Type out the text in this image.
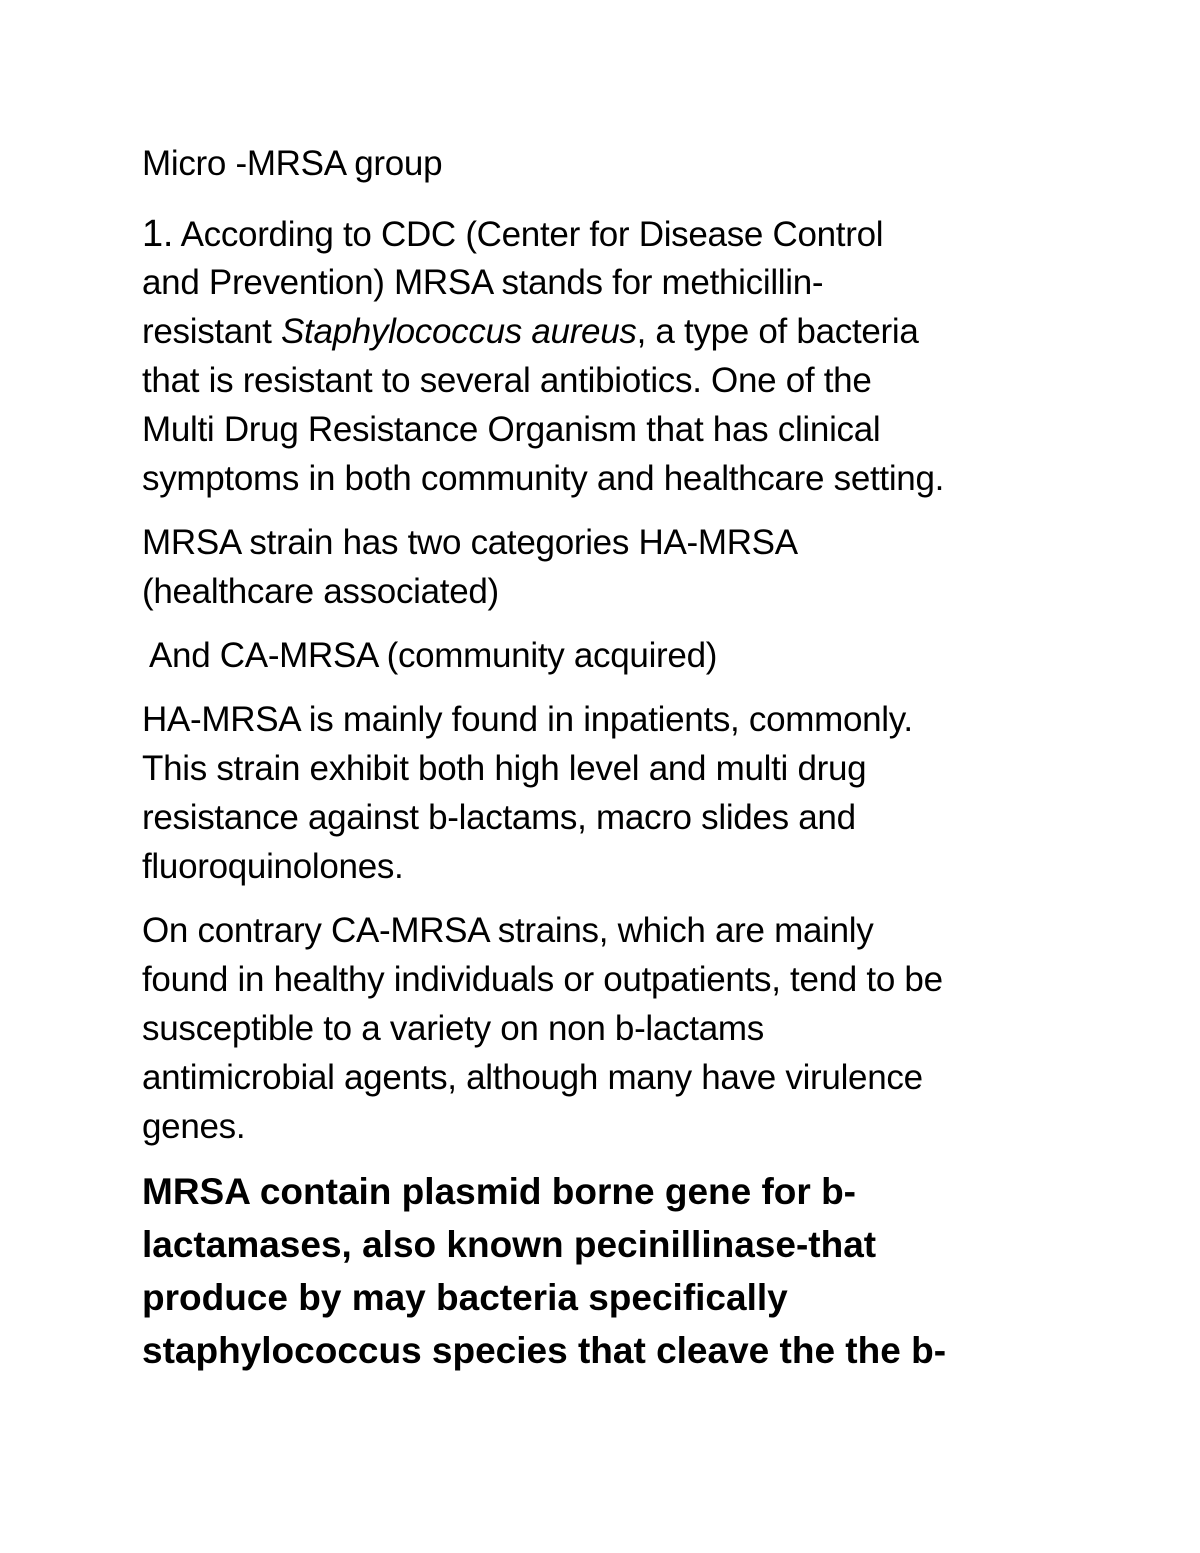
Micro -MRSA group
1. According to CDC (Center for Disease Control
and Prevention) MRSA stands for methicillin-
resistant Staphylococcus aureus, a type of bacteria
that is resistant to several antibiotics. One of the
Multi Drug Resistance Organism that has clinical
symptoms in both community and healthcare setting.
MRSA strain has two categories HA-MRSA
(healthcare associated)
And CA-MRSA (community acquired)
HA-MRSA is mainly found in inpatients, commonly.
This strain exhibit both high level and multi drug
resistance against b-lactams, macro slides and
fluoroquinolones.
On contrary CA-MRSA strains, which are mainly
found in healthy individuals or outpatients, tend to be
susceptible to a variety on non b-lactams
antimicrobial agents, although many have virulence
genes.
MRSA contain plasmid borne gene for b-
lactamases, also known pecinillinase-that
produce by may bacteria specifically
staphylococcus species that cleave the the b-
